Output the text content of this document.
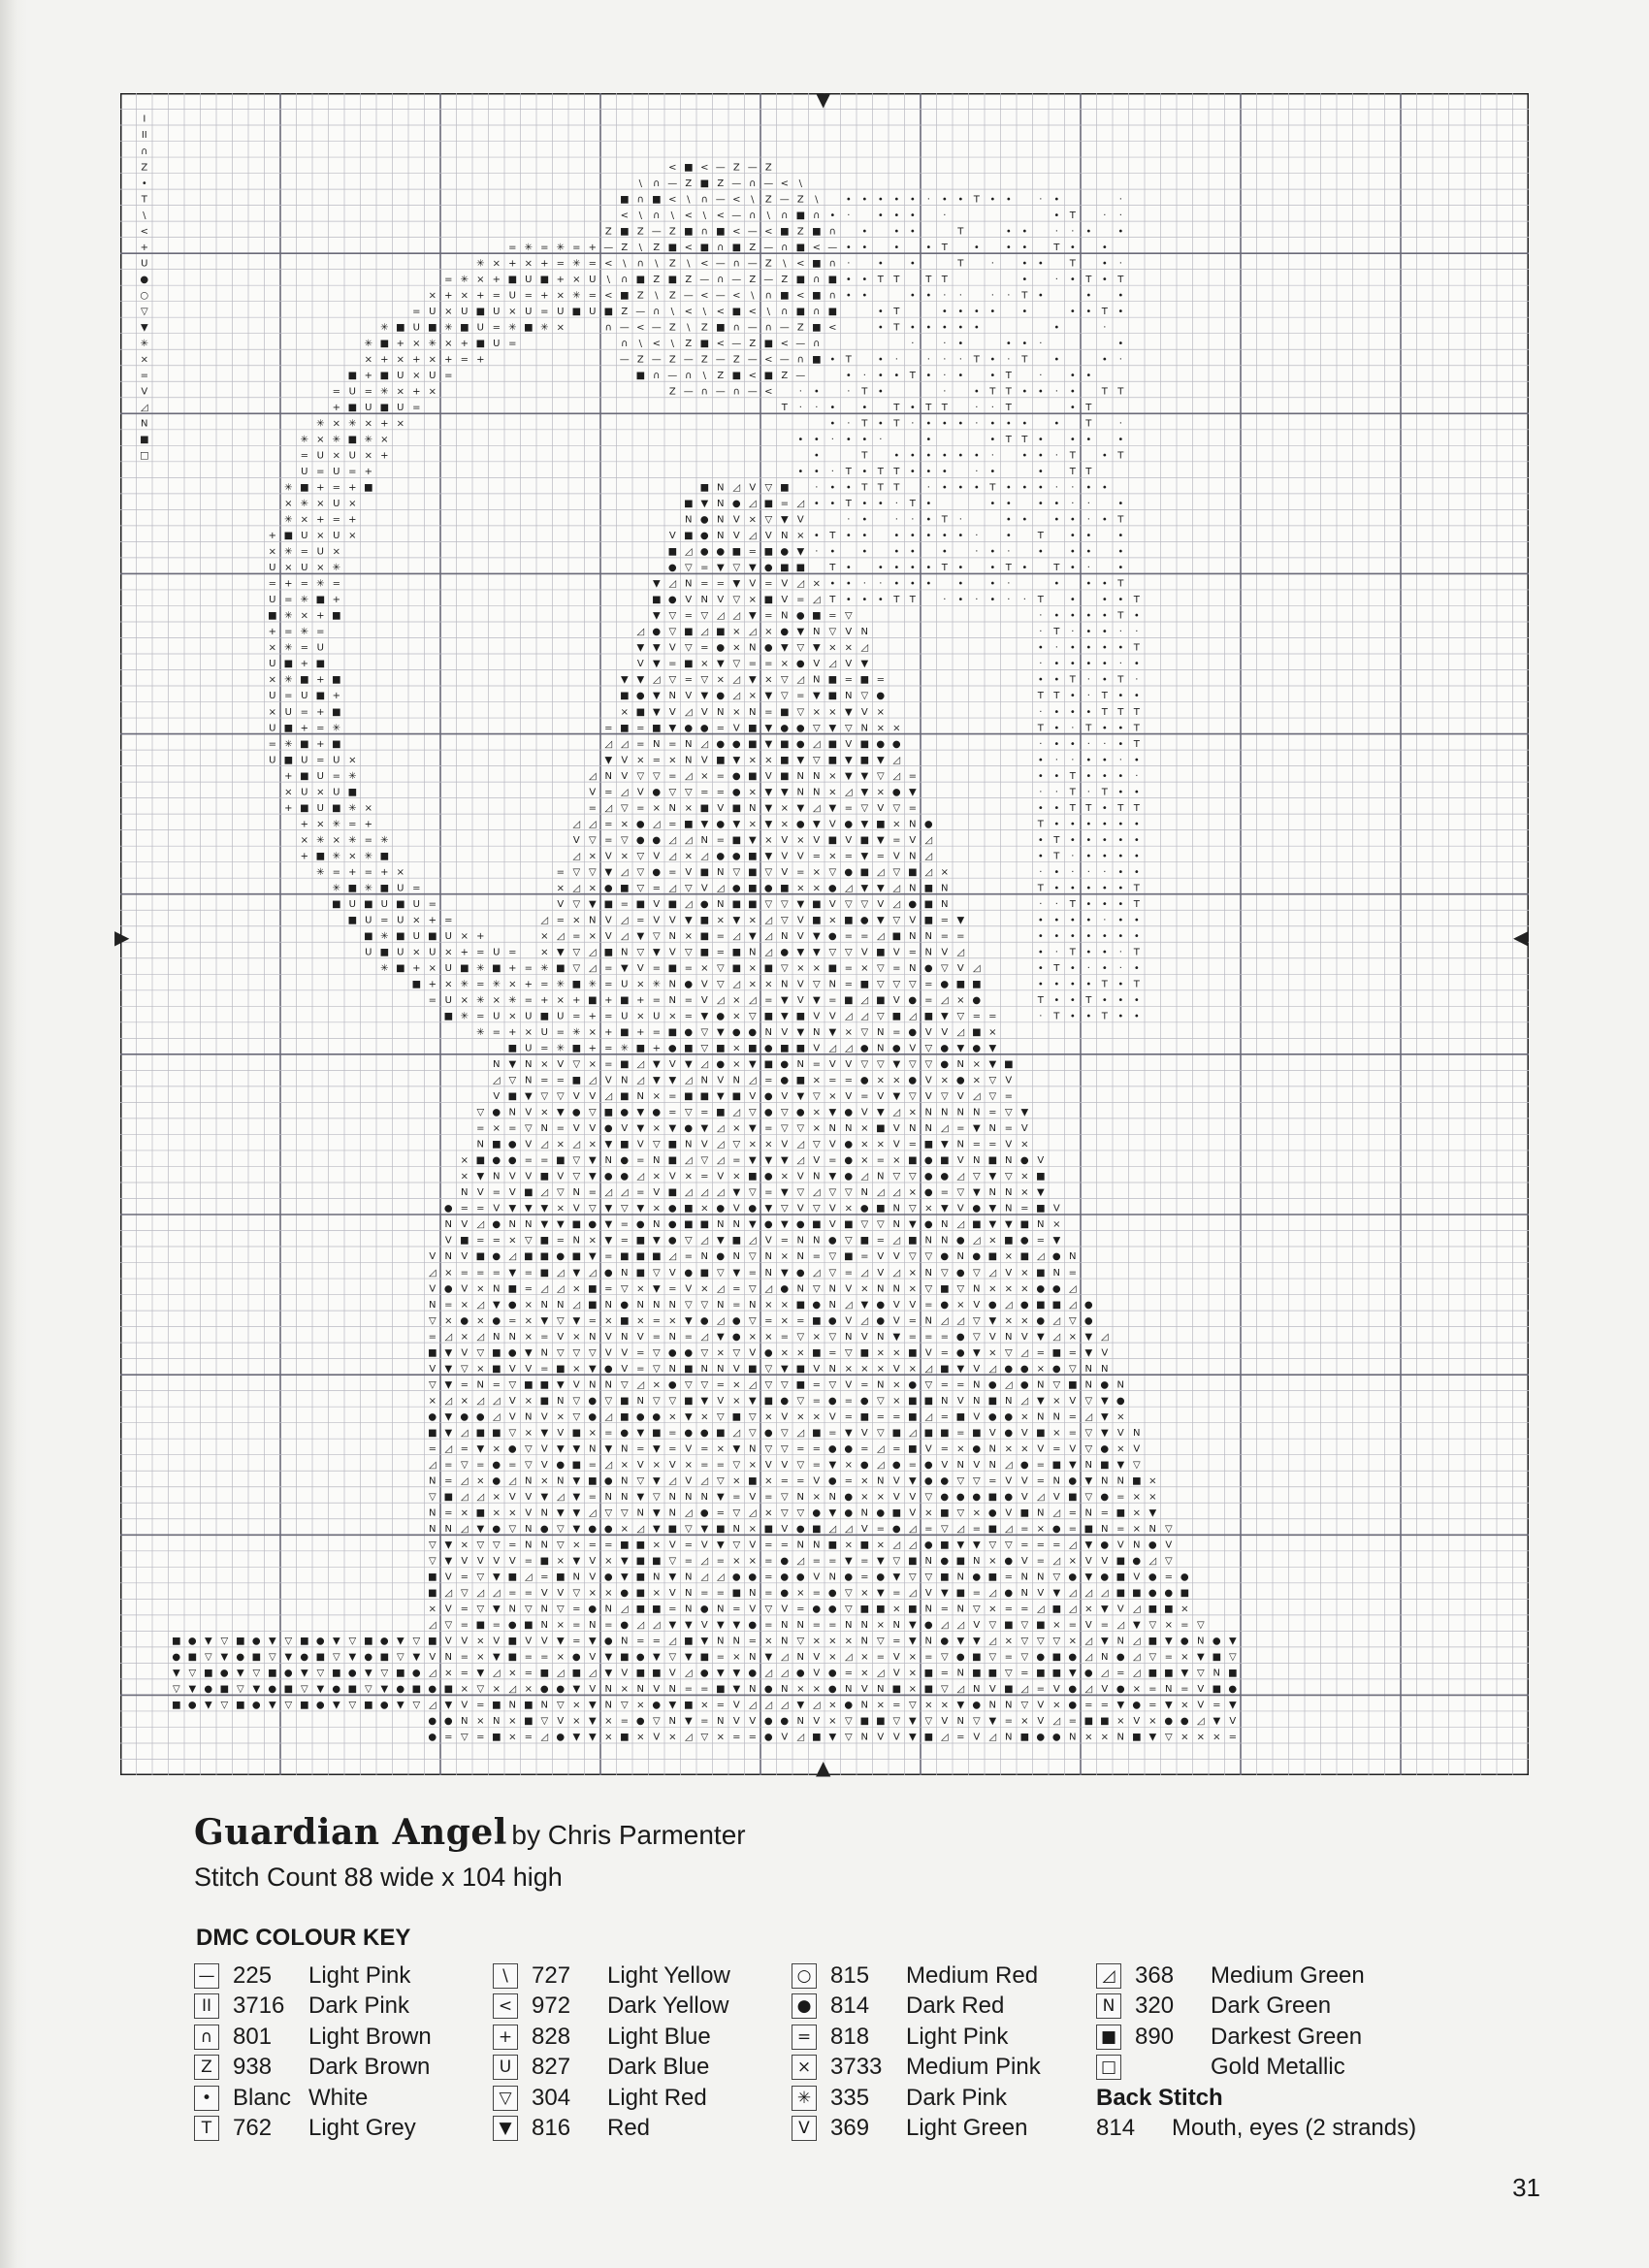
I
II
∩
Z
•
T
\
<
+
U
●
○
▽
▼
✳
×
=
V
◿
N
■
□
< ■ < — Z — Z
\ ∩ — Z ■ Z — ∩ — < \
■ ∩ ■ < \ ∩ — < \ Z — Z \	• • • • • · • • T • •	· •	·
< \ ∩ \ < \ < — ∩ \ ∩ ■ ∩ • ·	• • •	·	• T	· ·
Z ■ Z — Z ■ ∩ ■ < — < ■ Z ■ ∩	•	• •	T	• •	· · •	•
= ✳ = ✳ = + — Z \ Z ■ < ■ ∩ ■ Z — ∩ ■ < — • •	•	• T	•	• •	T •	•
✳ × + × + = ✳ = < \ ∩ \ Z \ < — ∩ — Z \ < ■ ∩ ·	•	•	T	·	• •	T	• ·
= ✳ × + ■ U ■ + × U \ ∩ ■ Z ■ Z — ∩ — Z — Z ■ ∩ ■ • • T T	T T	•	· • T • T
× + × + = U = + × ✳ = < ■ Z \ Z — < — < \ ∩ ■ < ■ ∩ • •	• • · ·	· · T •	•	•
= U × U ■ U × U = U ■ U ■ Z — ∩ \ < \ < ■ < \ ∩ ■ ∩ ■	• T	• • • •	•	• • T •
✳ ■ U ■ ✳ ■ U = ✳ ■ ✳ ×	∩ — < — Z \ Z ■ ∩ — ∩ — Z ■ <	• T • • • • •	•	·
✳ ■ + × ✳ × + ■ U =	∩ \ < \ Z ■ < — Z ■ < — ∩	·	· •	• • ·	•
× + × + × + = +	— Z — Z — Z — Z — < — ∩ ■ • T	• ·	· · · T • · T	•	• ·
■ + ■ U × U =	■ ∩ — ∩ \ Z ■ < ■ Z —	• · • • T • · •	• T	·	• •
= U = ✳ × + ×	Z — ∩ — ∩ — <	· •	· T •	·	• T T • • · •	T T
+ ■ U ■ U =	T · · •	•	T • T T	· · T	• T
✳ × ✳ × + ×	• · T • T · • • • · • • •	•	T	·
✳ × ✳ ■ ✳ ×	• • · • • ·	•	• T T •	• •	•
= U × U × +	•	T	• • • • • • ·	• • · T	• T
U = U = +	• • · T • T T • • •	· •	•	T T
✳ ■ + = + ■	■ N ◿ V ▽ ■	· • • T T T	· • • • T • • • · · • •
× ✳ × U ×	■ ▼ N ● ◿ ■ = ◿ • • T • • · T •	• •	• • · ·	•
✳ × + = +	N ● N V × ▽ ▼ V	· •	· · • T ·	• •	• • · • T
+ ■ U × U ×	V ■ ● N V ◿ V N × • T • •	• • • • • ·	•	T	• •	•
× ✳ = U ×	■ ◿ ● ● ■ = ■ ● ▼ · •	•	• •	•	· • ·	•	• •	•
U × U × ✳	● ▽ = ▼ ▽ ▼ ● ■ ■	T •	• • • • T •	• T •	T • ·	•
= + = ✳ =	▼ ◿ N = = ▼ V = V ◿ × • • · · • • •	•	• ·	•	• • T
U = ✳ ■ +	■ ● V N V ▽ × ■ V = ◿ T • • • T T	· • · • · · T	•	• • T
■ ✳ × + ■	▼ ▽ = ▽ ◿ ◿ ▼ = N ● ■ = ▽	· • • • • T •
+ = ✳ =	◿ ● ▽ ■ ◿ ■ × ◿ × ● ▼ N ▽ V N	· T · • • · ·
× ✳ = U	▼ ▼ V ▽ = ● × N ● ▼ ▽ ▼ × × ◿	• · • • • • T
U ■ + ■	V ▼ = ■ × ▼ ▽ = = × ● V ◿ V ▼	· • • • • · •
× ✳ ■ + ■	▼ ▼ ◿ ▽ = ▽ × ◿ ▼ × ▽ ◿ N ■ = ■ =	• • T · • T ·
U = U ■ +	■ ● ▼ N V ▼ ● ◿ × ▼ ▽ = ▼ ■ N ▽ ●	T T • · T • •
× U = + ■	× ■ ▼ V ◿ V N × N = ■ ▽ × × ▼ V ×	· • • • T T T
U ■ + = ✳	= ■ = ■ ▼ ● ● = V ■ ▼ ● ● ▽ ▼ ▽ N × ×	T • · T • • T
= ✳ ■ + ■	◿ ◿ = N = N ◿ ● ● ■ ▼ ■ ● ◿ ■ V ■ ● ●	· • • · · • T
U ■ U = U ×	▼ V × = × N V ■ ▼ × × ■ ▼ ▽ ■ ▼ ■ ▼ ◿	• · · • • · •
+ ■ U = ✳	◿ N V ▽ ▽ = ◿ × = ● ■ V ■ N N × ▼ ▼ ▽ ◿ =	• • T • • • ·
× U × U ■	V = ◿ V ● ▽ ▽ = = ● × ▼ ▼ N N × ◿ ▼ × ● ▼	· · T · T • •
+ ■ U ■ ✳ ×	= ◿ ▽ = × N × ■ V ■ N ▼ × ▼ ◿ ▼ = ▽ V ▽ =	• • T T • T T
+ × ✳ = +	◿ ◿ = × ● ◿ = ■ ▼ ● ▼ × ▼ × ● ▼ V ● ▼ ■ × N ●	T • • • • • •
× ✳ × ✳ = ✳	V ▽ = ▽ ● ● ◿ ◿ N = ■ ▼ × V × V ■ V ■ ▼ = V ◿	• T • • • • •
+ ■ ✳ × ✳ ■	◿ × V × ▽ V ◿ × ◿ ● ● ■ ▼ V V = × = ▼ = V N ◿	• T · • • • •
✳ = + = + ×	= ▽ ▽ ▼ ◿ ▽ ● = V ■ N ▽ ■ ▽ V = × ▽ ● ■ ◿ ▽ ■ ◿ ×	· • · · · • •
✳ ■ ✳ ■ U =	× ◿ × ● ■ ▽ = ◿ ▽ V ◿ ● ■ ● ■ × × ● ◿ ▼ ▼ ◿ N ■ N	T • • • • • T
■ U ■ U ■ U =	V ▽ ▼ ■ = ■ V ■ ◿ ● N ■ ■ ▽ ▽ ▼ ■ V ▽ ▽ V ◿ ● ■ N	· · T • • • T
■ U = U × + =	◿ = × N V ◿ = V V ▼ ■ × ▼ × ◿ ▽ V ■ × ■ ● ▼ ▽ V ■ = ▼	• • • • · • •
■ ✳ ■ U ■ U × +	× ◿ = × V ◿ ▼ ▽ N × ■ = ◿ ▼ ◿ N V ▼ ● = = ◿ ■ N N = =	• • • • • • •
U ■ U × U × + = U = × ▼ ▽ ◿ ■ N ▽ ▼ V ▽ ■ = ■ N ◿ ● ▼ ▼ ▽ ▽ V ■ V = N V ◿	• · T • • · T
✳ ■ + × U ■ ✳ ■ + = ✳ ■ ▽ ◿ = ▼ V = ■ = × ▽ ■ × ■ ▽ × × ■ = × ▽ = N ● ▽ V ◿	• T • · • · •
■ + × ✳ = ✳ × + = ✳ ■ ✳ = U × ✳ N ● V ▽ ◿ × × N V ▽ N = ■ ▽ ▽ ▽ = ● ■ ■	• • • • T • T
= U × ✳ × ✳ = + × + ■ + ■ + = N = V ◿ × ◿ = ▼ V ▼ = ■ ◿ ■ V ● = ◿ × ●	T • • T • • •
■ ✳ = U × U ■ U = + = U × U × = ▼ ● × ▽ ■ ▼ ■ V V ◿ ◿ ▽ ■ ◿ ■ ▼ ▽ = =	· T • • T • •
✳ = + × U = ✳ × + ■ + = ■ ● ▽ ▼ ● ● N V ▼ N ▼ × ▽ N = ● V V ◿ ■ ×
■ U = ✳ ■ + = ✳ ■ + ● ■ ▽ ■ × ■ ● ■ ■ V ◿ ◿ ● N ● V ▽ ● ▼ ● ▼
N ▼ N × V ▽ × = ■ ◿ ▼ V ▼ ◿ ● × ▼ ■ ● N = V V ▽ ▽ ▼ ▽ ▽ ● N × ▼ ■
◿ ▽ N = = ■ ◿ V N ◿ ▼ ▼ ◿ N V N ◿ = ● ■ × = = ● × × ● V × ● × ▽ V
V ■ ▼ ▽ ▽ V V ◿ ■ N × = ■ ■ ▼ ■ V ● V ▼ ▽ × V = V ▼ ▽ V ▽ V ◿ ▽ =
▽ ● N V × ▼ ● ▽ ■ ● ▼ ● = ▽ = ■ ◿ ▽ ● ▽ ● × ▼ ● V ▼ ◿ × N N N N = ▽ ▼
= × = ▽ N = V V ● V ▼ × ▼ ● ▼ ◿ × ▼ = ▽ ▽ × N N × ■ V N N ◿ = ▼ N = V
N ■ ● V ◿ × ◿ × ▼ ■ V ▽ ■ N V ◿ ▽ × × V ◿ ▽ V ● × × V = ■ ▼ N = = V ×
× ■ ● ● = = ■ ▽ ▼ N ● = N ■ ◿ ▽ ◿ = ▼ ▼ ▼ ◿ V = ● × = × ■ ● ■ V N ■ N ● V
× ▼ N V V ■ V ▽ ▼ ● ● ◿ × V × = V × ■ ● × V N ▼ ● ◿ N ▽ ▽ ● ● ◿ ▽ ▼ ▽ × ■
N V = V ■ ◿ ▽ N = ◿ ◿ = V ■ ◿ ◿ ◿ ▼ ▽ = ▼ ▽ ◿ ▽ ▽ N ◿ ◿ × ● = ▽ ▼ N N × ▼
● = = V ▼ ▼ ▼ × V ▽ ▼ ▽ ▼ × ● ■ × ● V ● ▼ ▽ V ▽ V × ● ■ N ▽ × ▼ V ● ▼ N = ■ V
N V ◿ ● N N ▼ ▼ ■ ● ▼ = ● N ● ■ ■ N N ▼ ● ▼ ● ■ V ■ ▽ ▽ N ▼ ● N ◿ ■ ▼ ▼ ■ N ×
V ■ = = × ▽ ■ = N × ▼ = ■ ▼ ● ▽ ◿ ▼ ■ ◿ V = N N ● ▽ ■ = ◿ ■ N N ● ◿ × ■ ● = ▼
V N V ■ ● ◿ ■ ■ ● ■ ▼ = ■ ■ ■ ◿ = N ● N ▽ N × N = ▽ ■ = V V ▽ ▽ ● N ● ■ × ■ ◿ ● N
◿ × = = = ▼ = ■ ◿ ▼ ◿ ● N ■ ▽ V ● ■ ▽ ▼ = N ▼ ● ◿ ▽ = ◿ V ◿ × N ▽ ● ▽ ◿ V × ■ N =
V ● V × N ■ = ◿ ◿ × ■ = ▽ × ▼ = V × ◿ = ▽ ◿ ● N ▽ N V × N N × ▽ ■ ▽ N × × × ● ● ◿
N = × ◿ ▼ ● × N N ◿ ■ N ● N N N ▽ ▽ N = N × × ■ ● N ◿ ▼ ● V V = ● × V ● ◿ ● ■ ■ ◿ ●
▽ × ● × ● = × ▼ ▽ ▼ = × ■ × = × ▼ ● ◿ ● ▽ = × = ■ ● V ◿ ● V = N ◿ ◿ ▽ ▼ × × ● ◿ ▽ ●
= ◿ × ◿ N N × = V × N V N V = N = ◿ ▼ ● × × = ▽ × ▽ N V N ▼ = = = ● ▽ V N V ▼ ◿ × ▼ ◿
■ ▼ V ▽ ■ ● ▼ N ▽ ▽ ▽ V V = ▽ ● ● ▽ × ▽ V ● × × ■ = ▽ ■ × × ■ V = ● ▼ × ▽ ◿ = ■ = ▼ V
V ▼ ▽ × ■ V V = ■ × ▼ ● V = ▽ N ■ N N V ■ ▽ ▼ ■ V N × × × V × ◿ ■ ▼ V ◿ ● ● × ● ▽ N N
▽ ▼ = N = ▽ ■ ■ ▼ V N N ▽ ◿ × ● ▽ ▽ = × ◿ ▽ ▽ ■ = ▽ V = N × ● ▽ = = N ● ◿ ● N ▽ ■ N ● N
× ◿ × ◿ ◿ V × ■ N ▽ ● ▽ ■ N ▽ ▽ ■ ▼ V × ▼ ■ ● ▽ = ● = ● ▽ × ■ ■ N V N ■ N ◿ ▼ × V ▽ ▼ ●
● ▼ ● ● ◿ V N V × ▽ ● ◿ ■ ● ● × ▼ × ▽ ■ ▽ × V × × V = ■ = = ■ ◿ = ■ V ● ● × N N = ◿ ▼ ×
■ ▼ ◿ ■ ■ ▽ × ▼ V ■ × = ● ▼ ■ = ● ● ■ ◿ ▽ ● ▽ ◿ ■ = ▼ V ▽ ■ ◿ ■ ■ = ■ V ● V ■ × = ▽ ▼ V N
= ◿ = ▼ × ● ▽ V ▼ ▼ N ▼ N = ▼ = V = × ▼ N ▽ ▽ = = ● ● = ◿ = ■ V = × ● N × × V = V ▽ ● × V
◿ = ▽ = ● = ▽ V ● ■ = ◿ × V × V × = = ▽ × V V ▽ = ▼ × ● ◿ ● = ● V N V N ◿ ● = ■ ▼ N ■ ▼ ▽
N = ◿ × ● ◿ N × N ▼ ■ ● N ▽ ▼ ◿ V ◿ ▽ × ■ × = = V ● = × N V ▼ ● ● ▽ ▽ = V V = N ● ▼ N N ■ ×
▽ ■ ◿ ◿ × V V ▼ ◿ ▼ = N N ▼ ▽ N N N ▼ = V = ▽ N × N ● × × V V ▽ ● ● ● ■ ● V ◿ V ■ ▽ ● = × ×
N = × ■ × × V N ▼ ▼ ◿ ▽ ▽ N ▼ N ◿ ● = ▽ ◿ × ▽ ▽ ● ▼ ● N ● ■ V × ■ ▽ × ● V ■ N ◿ = N = ■ × ▼
N N ◿ ▼ ● ▽ N ● ▽ ▼ ● ● × ◿ ▼ ■ ▽ ▼ ■ N × ■ V ● ■ ◿ ◿ V = ● ◿ = ▽ ◿ = ■ ◿ = × ● = ■ N = × N ▽
▽ ▼ × ▽ ▽ = N N ▽ × = = ■ ■ × V = V ▼ ▽ V = = N N ■ × ■ × ◿ ◿ ● ■ ▼ ▼ ▽ ▽ = = = ◿ ▼ ● V N ● V
▽ ▼ V V V V = ■ × ▼ V × ▼ ■ ■ ▽ = ◿ = × × = ● ◿ = = ▼ = ▼ ▽ ■ N ● ■ N × ● V = ◿ × V V ■ ● ◿ ▽
■ V = ▽ ▼ ■ ◿ = ■ N V ● ▼ ■ N ▼ N ◿ ◿ ● ● = ● ● V N ● = ● ▼ ▽ ▽ ■ N ● ■ = N N ▽ ● ▼ ● ■ V ● = ●
■ ◿ ▽ ◿ ◿ = = V V ▽ × × ● ■ × V N = = ■ N = ● × = ● ▽ × ▼ = ◿ V ▼ ■ = ◿ ● N V ▼ ◿ ◿ ◿ ■ ■ ● ● ■
× V = ▽ ▼ N ▽ N ▽ = ● N ◿ ■ ■ = N ● N = V ▽ V = ● ● ▽ ■ ■ × ■ N = N ▽ × = = ◿ ■ ◿ × ▼ V ◿ ■ ■ ×
◿ ▽ = ■ = ● ■ N × = N = ● ◿ ◿ ▼ ▼ V ▼ ▼ ● = N N = = N N × N ▼ ● ◿ ◿ V ▽ ■ ▽ ■ × = V = ◿ ▼ ▽ × = ▽
■ ● ▼ ▽ ■ ● ▼ ▽ ■ ● ▼ ▽ ■ ● ▼ ▽ ■ V V × V ■ V V ▼ = ▼ ● N = = ◿ ■ ▼ N N = × N ▽ × × × N ▽ = ▼ N ● ▼ ▼ ◿ × ▽ ▽ ▽ × ◿ ▼ N ◿ ■ ▼ ● N ● ▼
● ■ ▽ ▼ ● ■ ▽ ▼ ● ■ ▽ ▼ ● ■ ▽ ▼ V N = × ▼ ■ = = × ● V ▼ ■ ● ▼ ▽ ▼ ■ = × N ▼ ◿ N V × ◿ × = V × = ▽ ● ■ ▽ = ▽ ● ■ ● ◿ N ● ◿ ▽ = × ▼ ■ ▽
▼ ▽ ■ ● ▼ ▽ ■ ● ▼ ▽ ■ ● ▼ ▽ ■ ● ◿ × = ▼ ◿ × = ■ ◿ ■ ◿ ▼ V ■ ■ V ◿ ● ▼ ▼ ● ◿ ◿ ● V ● = × ◿ V × ■ = N ■ ■ ▽ = ■ ■ ▼ ● ◿ = ◿ ■ ■ ▼ ▽ N ■
▽ ▼ ● ■ ▽ ▼ ● ■ ▽ ▼ ● ■ ▽ ▼ ● ■ ● ■ × ▽ × ◿ × ● ● ▼ V N × N V N = = ■ ▼ N ● N × × ● N V N ■ × ■ ▽ ◿ N V ■ ◿ = V ● ◿ V ● × = N = V ■ ●
■ ● ▼ ▽ ■ ● ▼ ▽ ■ ● ▼ ▽ ■ ● ▼ ▽ ◿ ▼ V = ■ N ■ N ▽ × ▼ N ▽ × ● ▼ ■ × = V ◿ ◿ ◿ ▼ ◿ × ● N × = ▽ × × ▼ ● N N ▽ V × ● = = ▼ ● = ▼ × V = ▼
● ● N × N × ■ ▽ V × ▼ × = ● ▽ N ▼ = N V V ● ● N V × ▽ ■ ■ ▽ ▼ ▽ V N ▽ ▼ = × V ◿ = ■ ■ × V × ● ● ◿ ▼ V
● = ▽ = ■ × = ◿ ● ▼ ▼ × ■ × V × ◿ ▽ × = = ● V ◿ ■ ▼ ▽ N V V ▼ ■ ◿ = V ◿ N ■ ● ● N × × N ■ ▼ ▽ × × × =
▼
▲
▶	◀
Guardian Angel by Chris Parmenter
Stitch Count 88 wide x 104 high
DMC COLOUR KEY
— 225	Light Pink
II 3716	Dark Pink
∩ 801	Light Brown
Z 938	Dark Brown
• Blanc White
T 762	Light Grey
\	727	Light Yellow
< 972	Dark Yellow
+ 828	Light Blue
U 827	Dark Blue
▽ 304	Light Red
▼ 816	Red
○ 815	Medium Red
● 814	Dark Red
= 818	Light Pink
× 3733	Medium Pink
✳ 335	Dark Pink
V 369	Light Green
◿ 368	Medium Green
N 320	Dark Green
■ 890	Darkest Green
□	Gold Metallic
Back Stitch
814	Mouth, eyes (2 strands)
31
